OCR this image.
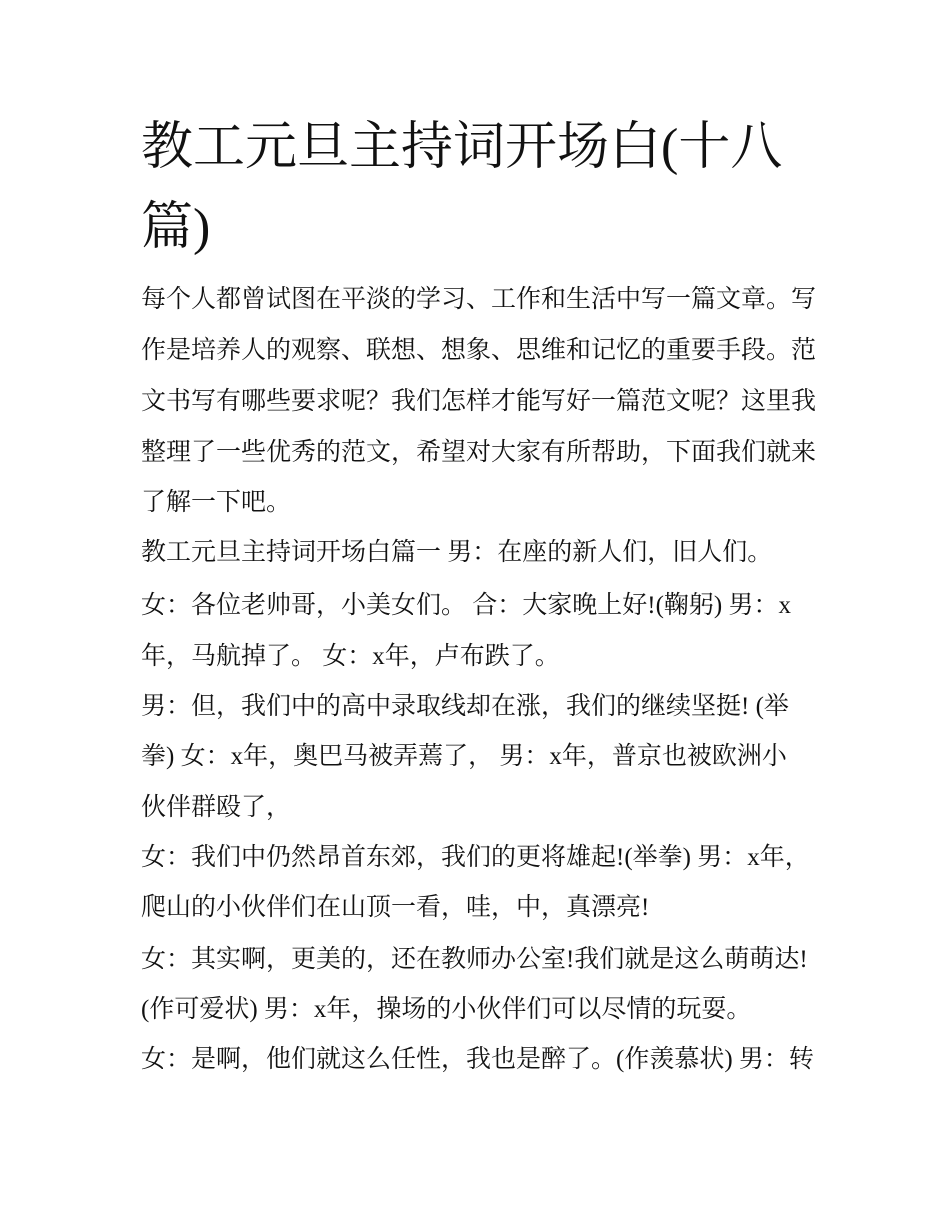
教工元旦主持词开场白(十八
篇)
每个人都曾试图在平淡的学习、工作和生活中写一篇文章。写
作是培养人的观察、联想、想象、思维和记忆的重要手段。范
文书写有哪些要求呢？我们怎样才能写好一篇范文呢？这里我
整理了一些优秀的范文，希望对大家有所帮助，下面我们就来
了解一下吧。
教工元旦主持词开场白篇一 男：在座的新人们，旧人们。
女：各位老帅哥，小美女们。 合：大家晚上好!(鞠躬) 男：x
年，马航掉了。 女：x年，卢布跌了。
男：但，我们中的高中录取线却在涨，我们的继续坚挺! (举
拳) 女：x年，奥巴马被弄蔫了， 男：x年，普京也被欧洲小
伙伴群殴了，
女：我们中仍然昂首东郊，我们的更将雄起!(举拳) 男：x年，
爬山的小伙伴们在山顶一看，哇，中，真漂亮!
女：其实啊，更美的，还在教师办公室!我们就是这么萌萌达!
(作可爱状) 男：x年，操场的小伙伴们可以尽情的玩耍。
女：是啊，他们就这么任性，我也是醉了。(作羡慕状) 男：转
